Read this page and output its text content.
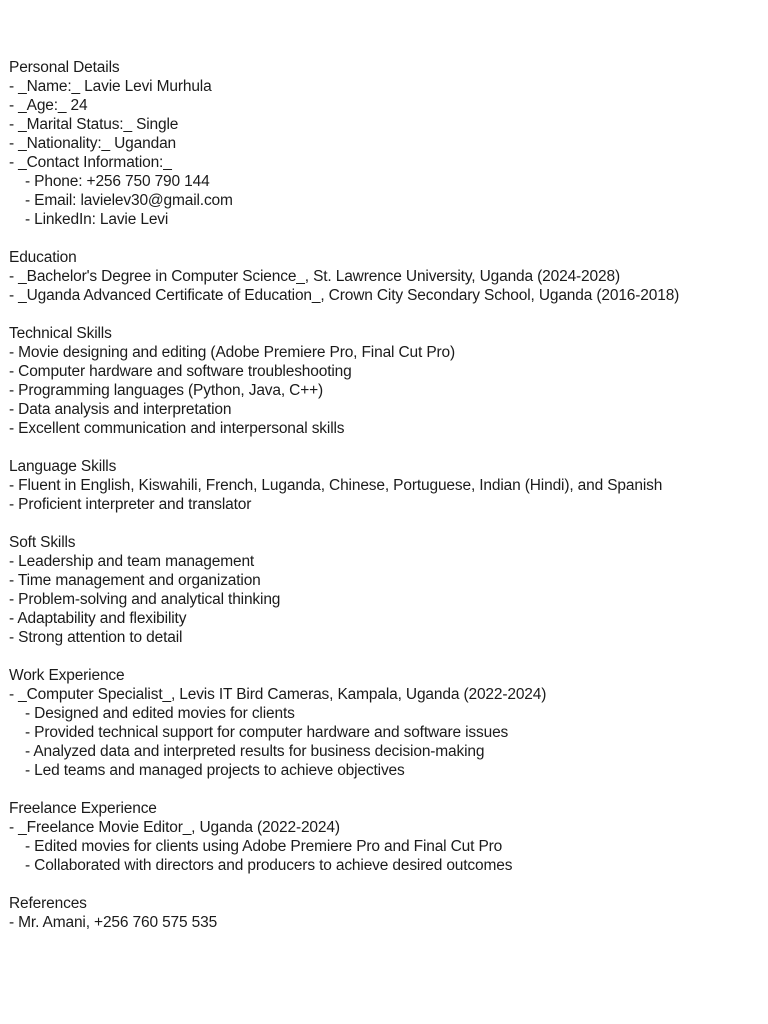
Personal Details
- _Name:_ Lavie Levi Murhula
- _Age:_ 24
- _Marital Status:_ Single
- _Nationality:_ Ugandan
- _Contact Information:_
- Phone: +256 750 790 144
- Email: lavielev30@gmail.com
- LinkedIn: Lavie Levi
Education
- _Bachelor's Degree in Computer Science_, St. Lawrence University, Uganda (2024-2028)
- _Uganda Advanced Certificate of Education_, Crown City Secondary School, Uganda (2016-2018)
Technical Skills
- Movie designing and editing (Adobe Premiere Pro, Final Cut Pro)
- Computer hardware and software troubleshooting
- Programming languages (Python, Java, C++)
- Data analysis and interpretation
- Excellent communication and interpersonal skills
Language Skills
- Fluent in English, Kiswahili, French, Luganda, Chinese, Portuguese, Indian (Hindi), and Spanish
- Proficient interpreter and translator
Soft Skills
- Leadership and team management
- Time management and organization
- Problem-solving and analytical thinking
- Adaptability and flexibility
- Strong attention to detail
Work Experience
- _Computer Specialist_, Levis IT Bird Cameras, Kampala, Uganda (2022-2024)
- Designed and edited movies for clients
- Provided technical support for computer hardware and software issues
- Analyzed data and interpreted results for business decision-making
- Led teams and managed projects to achieve objectives
Freelance Experience
- _Freelance Movie Editor_, Uganda (2022-2024)
- Edited movies for clients using Adobe Premiere Pro and Final Cut Pro
- Collaborated with directors and producers to achieve desired outcomes
References
- Mr. Amani, +256 760 575 535
